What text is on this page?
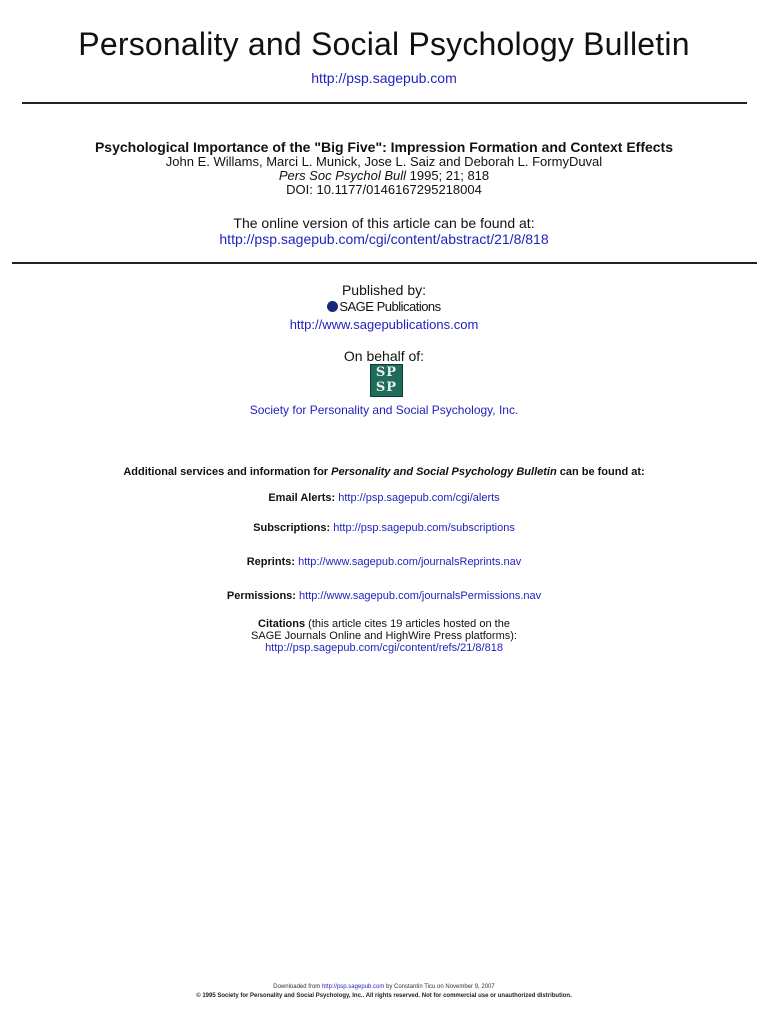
Personality and Social Psychology Bulletin
http://psp.sagepub.com
Psychological Importance of the "Big Five": Impression Formation and Context Effects
John E. Willams, Marci L. Munick, Jose L. Saiz and Deborah L. FormyDuval
Pers Soc Psychol Bull 1995; 21; 818
DOI: 10.1177/0146167295218004
The online version of this article can be found at:
http://psp.sagepub.com/cgi/content/abstract/21/8/818
Published by:
SAGE Publications
http://www.sagepublications.com
On behalf of:
SP
SP
Society for Personality and Social Psychology, Inc.
Additional services and information for Personality and Social Psychology Bulletin can be found at:
Email Alerts: http://psp.sagepub.com/cgi/alerts
Subscriptions: http://psp.sagepub.com/subscriptions
Reprints: http://www.sagepub.com/journalsReprints.nav
Permissions: http://www.sagepub.com/journalsPermissions.nav
Citations (this article cites 19 articles hosted on the
SAGE Journals Online and HighWire Press platforms):
http://psp.sagepub.com/cgi/content/refs/21/8/818
Downloaded from http://psp.sagepub.com by Constantin Ticu on November 9, 2007
© 1995 Society for Personality and Social Psychology, Inc.. All rights reserved. Not for commercial use or unauthorized distribution.
